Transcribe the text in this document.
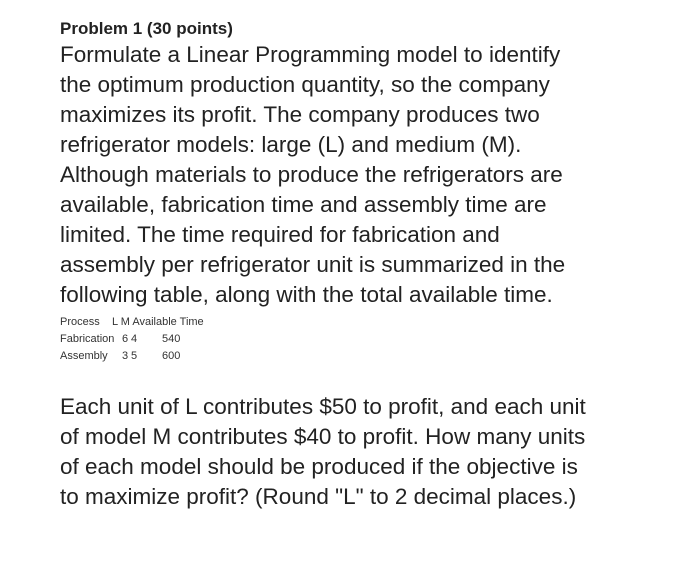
Problem 1 (30 points)
Formulate a Linear Programming model to identify
the optimum production quantity, so the company
maximizes its profit. The company produces two
refrigerator models: large (L) and medium (M).
Although materials to produce the refrigerators are
available, fabrication time and assembly time are
limited. The time required for fabrication and
assembly per refrigerator unit is summarized in the
following table, along with the total available time.
Process    L M Available Time
Fabrication 6 4	540
Assembly	3 5	600
Each unit of L contributes $50 to profit, and each unit
of model M contributes $40 to profit. How many units
of each model should be produced if the objective is
to maximize profit? (Round "L" to 2 decimal places.)
